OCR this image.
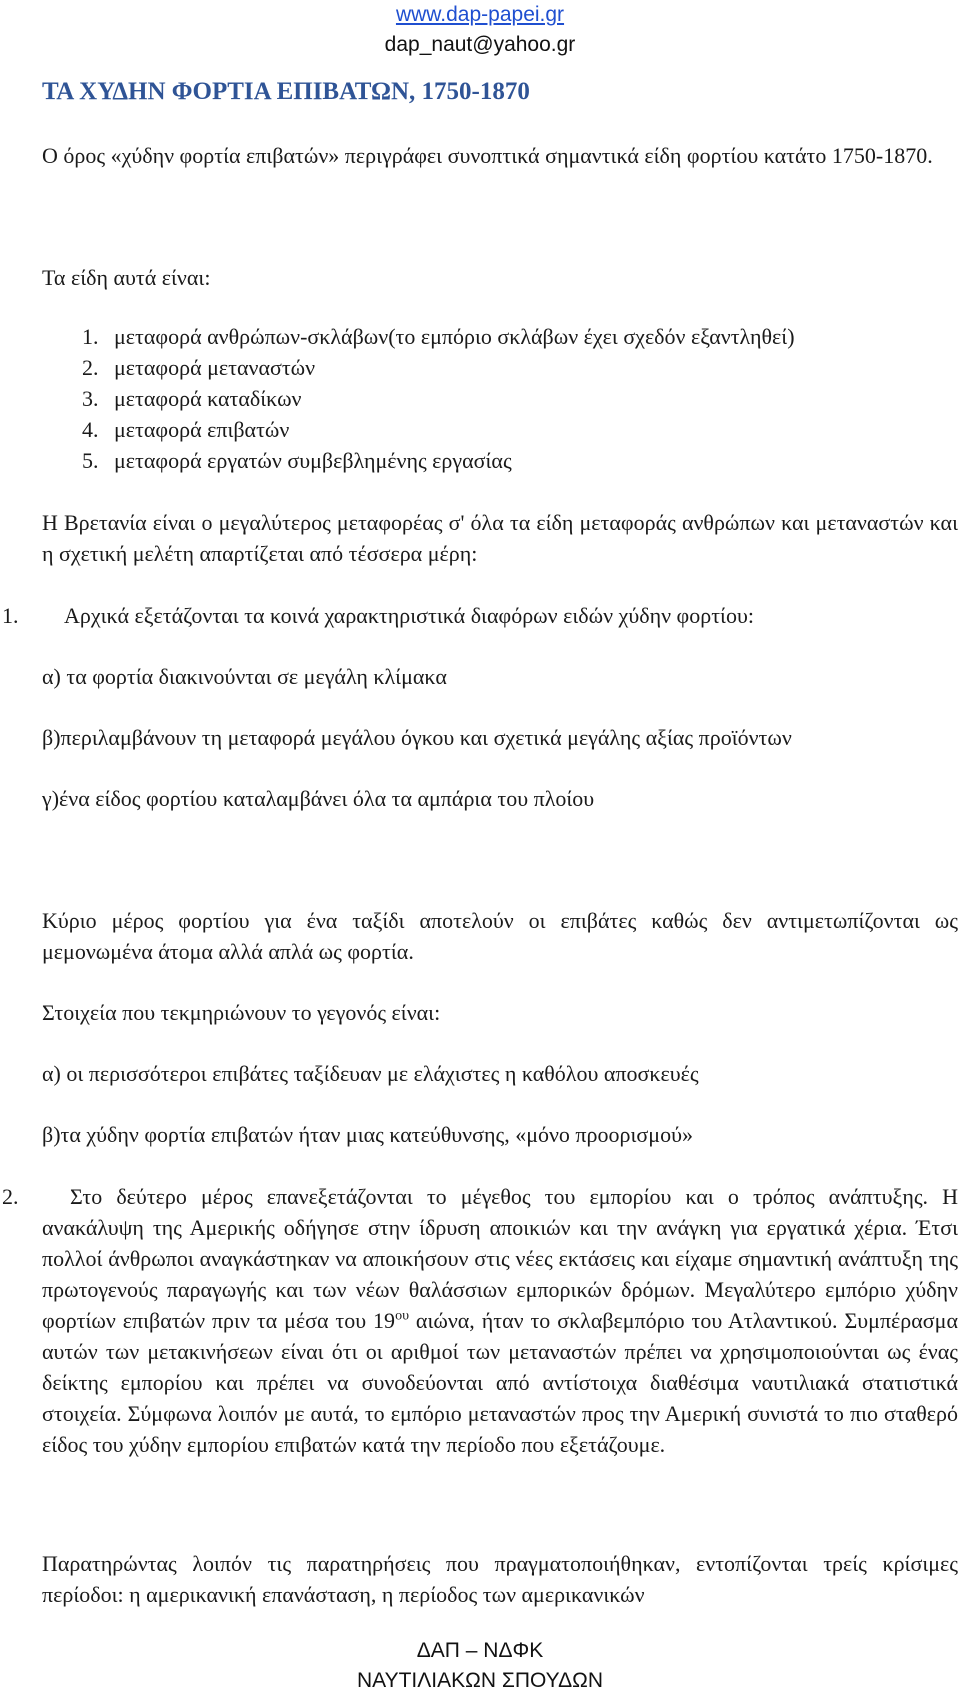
www.dap-papei.gr
dap_naut@yahoo.gr
ΤΑ ΧΥΔΗΝ ΦΟΡΤΙΑ ΕΠΙΒΑΤΩΝ, 1750-1870
Ο όρος «χύδην φορτία επιβατών» περιγράφει συνοπτικά σημαντικά είδη φορτίου κατάτο 1750-1870.
Τα είδη αυτά είναι:
1. μεταφορά ανθρώπων-σκλάβων(το εμπόριο σκλάβων έχει σχεδόν εξαντληθεί)
2. μεταφορά μεταναστών
3. μεταφορά καταδίκων
4. μεταφορά επιβατών
5. μεταφορά εργατών συμβεβλημένης εργασίας
Η Βρετανία είναι ο μεγαλύτερος μεταφορέας σ' όλα τα είδη μεταφοράς ανθρώπων και μεταναστών και η σχετική μελέτη απαρτίζεται από τέσσερα μέρη:
1. Αρχικά εξετάζονται τα κοινά χαρακτηριστικά διαφόρων ειδών χύδην φορτίου:
α) τα φορτία διακινούνται σε μεγάλη κλίμακα
β)περιλαμβάνουν τη μεταφορά μεγάλου όγκου και σχετικά μεγάλης αξίας προϊόντων
γ)ένα είδος φορτίου καταλαμβάνει όλα τα αμπάρια του πλοίου
Κύριο μέρος φορτίου για ένα ταξίδι αποτελούν οι επιβάτες καθώς δεν αντιμετωπίζονται ως μεμονωμένα άτομα αλλά απλά ως φορτία.
Στοιχεία που τεκμηριώνουν το γεγονός είναι:
α) οι περισσότεροι επιβάτες ταξίδευαν με ελάχιστες η καθόλου αποσκευές
β)τα χύδην φορτία επιβατών ήταν μιας κατεύθυνσης, «μόνο προορισμού»
2.	Στο δεύτερο μέρος επανεξετάζονται το μέγεθος του εμπορίου και ο τρόπος ανάπτυξης. Η ανακάλυψη της Αμερικής οδήγησε στην ίδρυση αποικιών και την ανάγκη για εργατικά χέρια. Έτσι πολλοί άνθρωποι αναγκάστηκαν να αποικήσουν στις νέες εκτάσεις και είχαμε σημαντική ανάπτυξη της πρωτογενούς παραγωγής και των νέων θαλάσσιων εμπορικών δρόμων. Μεγαλύτερο εμπόριο χύδην φορτίων επιβατών πριν τα μέσα του $19^{o\upsilon}$ αιώνα, ήταν το σκλαβεμπόριο του Ατλαντικού. Συμπέρασμα αυτών των μετακινήσεων είναι ότι οι αριθμοί των μεταναστών πρέπει να χρησιμοποιούνται ως ένας δείκτης εμπορίου και πρέπει να συνοδεύονται από αντίστοιχα διαθέσιμα ναυτιλιακά στατιστικά στοιχεία. Σύμφωνα λοιπόν με αυτά, το εμπόριο μεταναστών προς την Αμερική συνιστά το πιο σταθερό είδος του χύδην εμπορίου επιβατών κατά την περίοδο που εξετάζουμε.
Παρατηρώντας λοιπόν τις παρατηρήσεις που πραγματοποιήθηκαν, εντοπίζονται τρείς κρίσιμες περίοδοι: η αμερικανική επανάσταση, η περίοδος των αμερικανικών
ΔΑΠ – ΝΔΦΚ
ΝΑΥΤΙΛΙΑΚΩΝ ΣΠΟΥΔΩΝ
